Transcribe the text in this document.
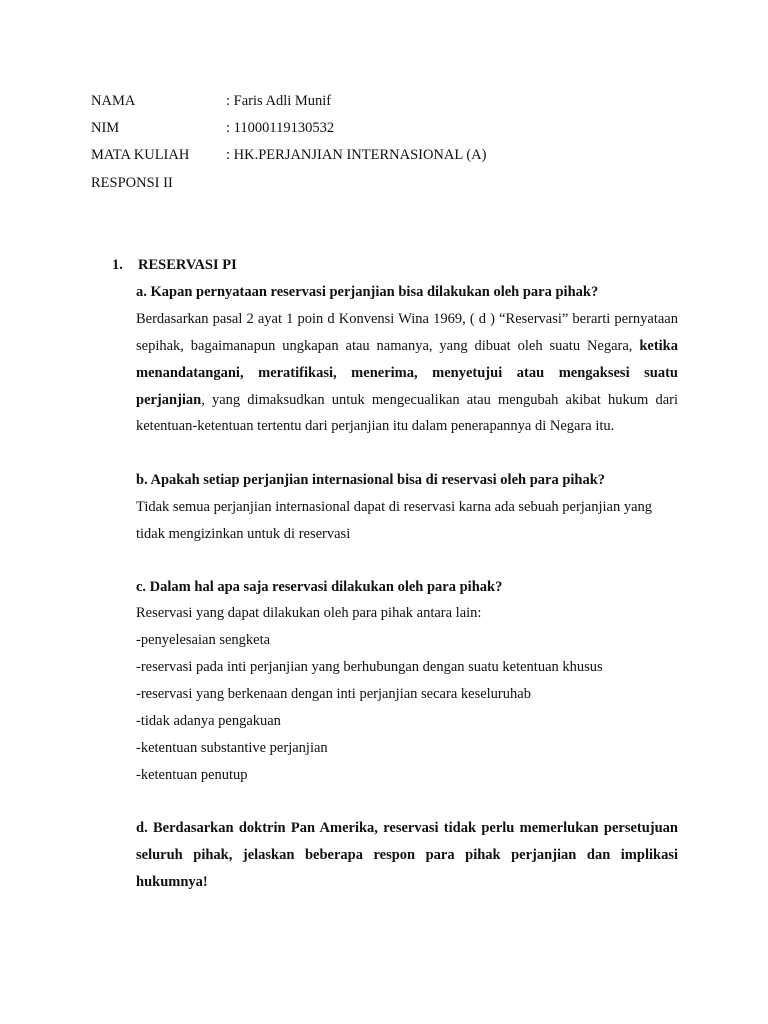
NAMA	: Faris Adli Munif
NIM	: 11000119130532
MATA KULIAH	: HK.PERJANJIAN INTERNASIONAL (A)
RESPONSI II
1. RESERVASI PI
a. Kapan pernyataan reservasi perjanjian bisa dilakukan oleh para pihak?
Berdasarkan pasal 2 ayat 1 poin d Konvensi Wina 1969, ( d ) “Reservasi” berarti pernyataan
sepihak, bagaimanapun ungkapan atau namanya, yang dibuat oleh suatu Negara, ketika
menandatangani, meratifikasi, menerima, menyetujui atau mengaksesi suatu
perjanjian, yang dimaksudkan untuk mengecualikan atau mengubah akibat hukum dari
ketentuan-ketentuan tertentu dari perjanjian itu dalam penerapannya di Negara itu.
b. Apakah setiap perjanjian internasional bisa di reservasi oleh para pihak?
Tidak semua perjanjian internasional dapat di reservasi karna ada sebuah perjanjian yang
tidak mengizinkan untuk di reservasi
c. Dalam hal apa saja reservasi dilakukan oleh para pihak?
Reservasi yang dapat dilakukan oleh para pihak antara lain:
-penyelesaian sengketa
-reservasi pada inti perjanjian yang berhubungan dengan suatu ketentuan khusus
-reservasi yang berkenaan dengan inti perjanjian secara keseluruhab
-tidak adanya pengakuan
-ketentuan substantive perjanjian
-ketentuan penutup
d. Berdasarkan doktrin Pan Amerika, reservasi tidak perlu memerlukan persetujuan
seluruh pihak, jelaskan beberapa respon para pihak perjanjian dan implikasi
hukumnya!
